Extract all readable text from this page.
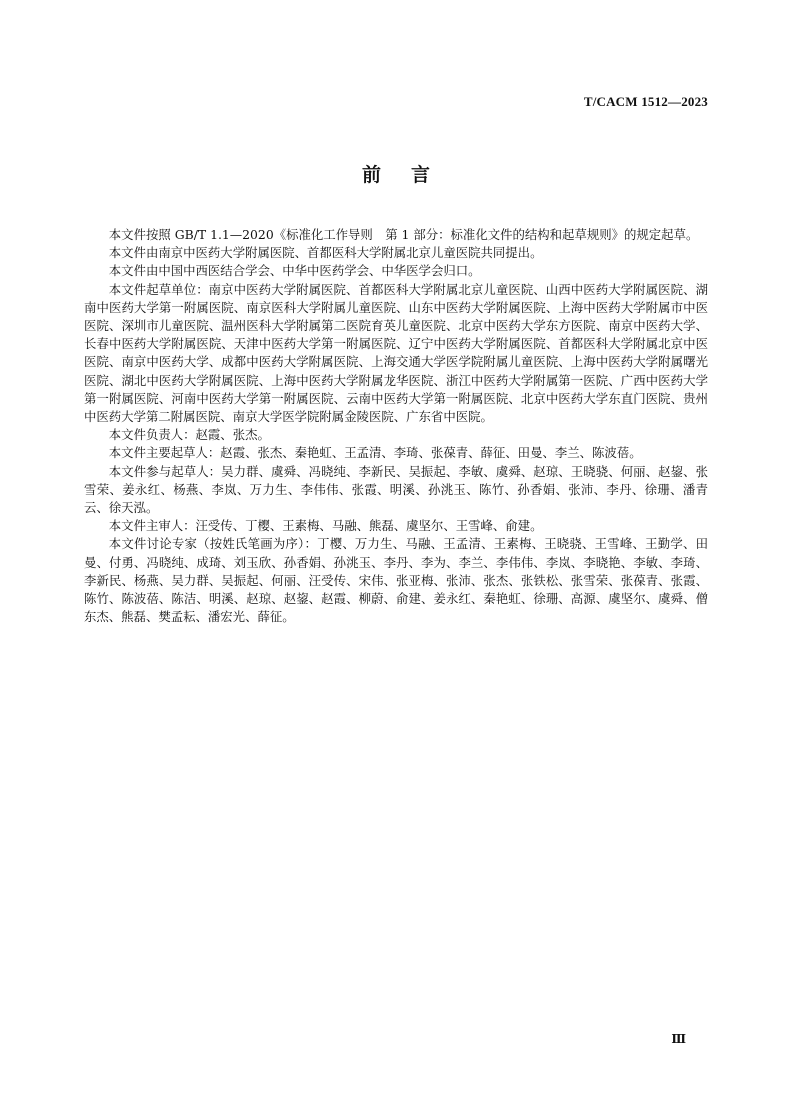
T/CACM 1512—2023
前言

本文件按照 GB/T 1.1—2020《标准化工作导则　第 1 部分：标准化文件的结构和起草规则》的规定起草。

本文件由南京中医药大学附属医院、首都医科大学附属北京儿童医院共同提出。

本文件由中国中西医结合学会、中华中医药学会、中华医学会归口。

本文件起草单位：南京中医药大学附属医院、首都医科大学附属北京儿童医院、山西中医药大学附属医院、湖南中医药大学第一附属医院、南京医科大学附属儿童医院、山东中医药大学附属医院、上海中医药大学附属市中医医院、深圳市儿童医院、温州医科大学附属第二医院育英儿童医院、北京中医药大学东方医院、南京中医药大学、长春中医药大学附属医院、天津中医药大学第一附属医院、辽宁中医药大学附属医院、首都医科大学附属北京中医医院、南京中医药大学、成都中医药大学附属医院、上海交通大学医学院附属儿童医院、上海中医药大学附属曙光医院、湖北中医药大学附属医院、上海中医药大学附属龙华医院、浙江中医药大学附属第一医院、广西中医药大学第一附属医院、河南中医药大学第一附属医院、云南中医药大学第一附属医院、北京中医药大学东直门医院、贵州中医药大学第二附属医院、南京大学医学院附属金陵医院、广东省中医院。

本文件负责人：赵霞、张杰。

本文件主要起草人：赵霞、张杰、秦艳虹、王孟清、李琦、张葆青、薛征、田曼、李兰、陈波蓓。

本文件参与起草人：吴力群、虞舜、冯晓纯、李新民、吴振起、李敏、虞舜、赵琼、王晓骁、何丽、赵鋆、张雪荣、姜永红、杨燕、李岚、万力生、李伟伟、张霞、明溪、孙洮玉、陈竹、孙香娟、张沛、李丹、徐珊、潘青云、徐天泓。

本文件主审人：汪受传、丁樱、王素梅、马融、熊磊、虞坚尔、王雪峰、俞建。

本文件讨论专家（按姓氏笔画为序）：丁樱、万力生、马融、王孟清、王素梅、王晓骁、王雪峰、王勤学、田曼、付勇、冯晓纯、成琦、刘玉欣、孙香娟、孙洮玉、李丹、李为、李兰、李伟伟、李岚、李晓艳、李敏、李琦、李新民、杨燕、吴力群、吴振起、何丽、汪受传、宋伟、张亚梅、张沛、张杰、张铁松、张雪荣、张葆青、张霞、陈竹、陈波蓓、陈洁、明溪、赵琼、赵鋆、赵霞、柳蔚、俞建、姜永红、秦艳虹、徐珊、高源、虞坚尔、虞舜、僧东杰、熊磊、樊孟耘、潘宏光、薛征。

Ⅲ
